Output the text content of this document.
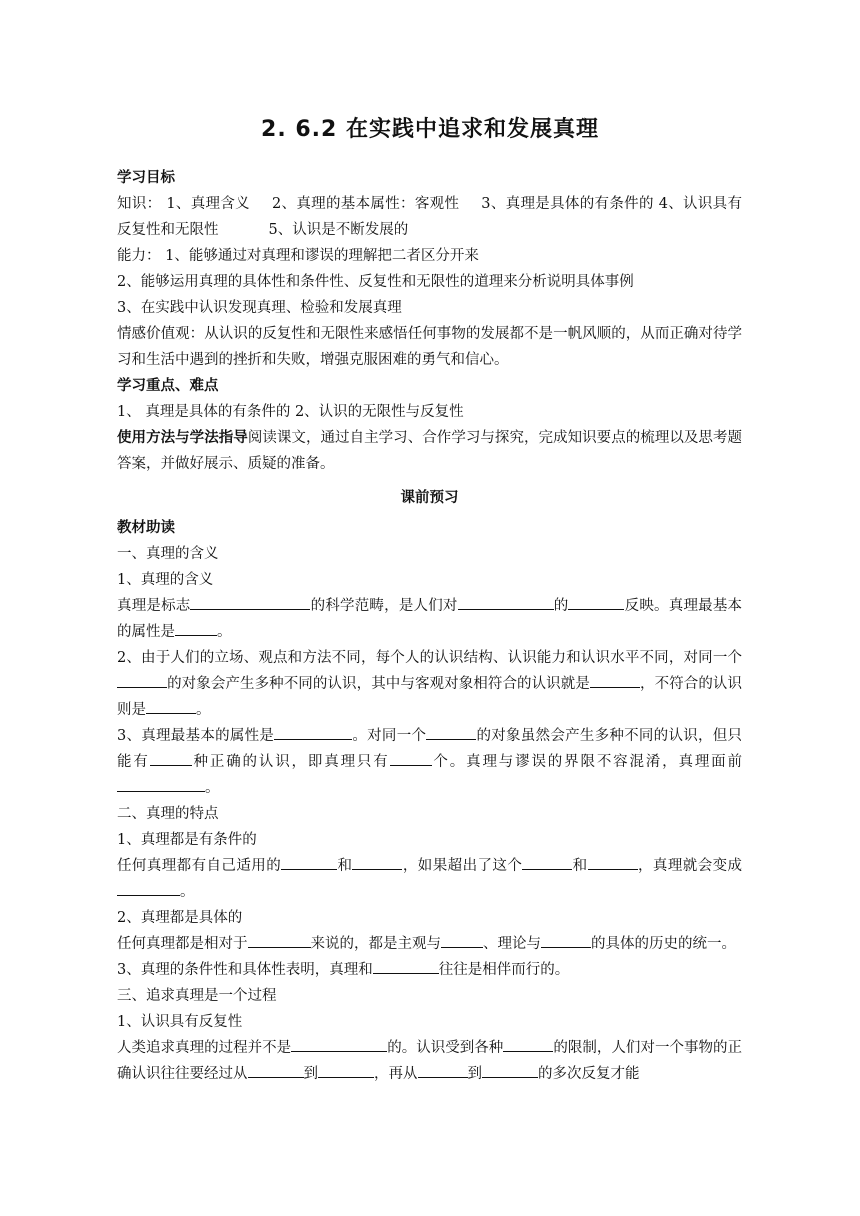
2. 6.2 在实践中追求和发展真理
学习目标
知识： 1、真理含义 2、真理的基本属性：客观性 3、真理是具体的有条件的 4、认识具有反复性和无限性	5、认识是不断发展的
能力： 1、能够通过对真理和谬误的理解把二者区分开来
2、能够运用真理的具体性和条件性、反复性和无限性的道理来分析说明具体事例
3、在实践中认识发现真理、检验和发展真理
情感价值观：从认识的反复性和无限性来感悟任何事物的发展都不是一帆风顺的，从而正确对待学习和生活中遇到的挫折和失败，增强克服困难的勇气和信心。
学习重点、难点
1、 真理是具体的有条件的 2、认识的无限性与反复性
使用方法与学法指导阅读课文，通过自主学习、合作学习与探究，完成知识要点的梳理以及思考题答案，并做好展示、质疑的准备。
课前预习
教材助读
一、真理的含义
1、真理的含义
真理是标志	的科学范畴，是人们对	的	反映。真理最基本的属性是	。
2、由于人们的立场、观点和方法不同，每个人的认识结构、认识能力和认识水平不同，对同一个的对象会产生多种不同的认识，其中与客观对象相符合的认识就是	，不符合的认识则是	。
3、真理最基本的属性是	。对同一个	的对象虽然会产生多种不同的认识，但只能有	种正确的认识，即真理只有	个。真理与谬误的界限不容混淆，真理面前。
二、真理的特点
1、真理都是有条件的
任何真理都有自己适用的	和	，如果超出了这个	和	，真理就会变成。
2、真理都是具体的
任何真理都是相对于	来说的，都是主观与	、理论与	的具体的历史的统一。
3、真理的条件性和具体性表明，真理和	往往是相伴而行的。
三、追求真理是一个过程
1、认识具有反复性
人类追求真理的过程并不是	的。认识受到各种	的限制，人们对一个事物的正确认识往往要经过从	到	，再从	到	的多次反复才能
